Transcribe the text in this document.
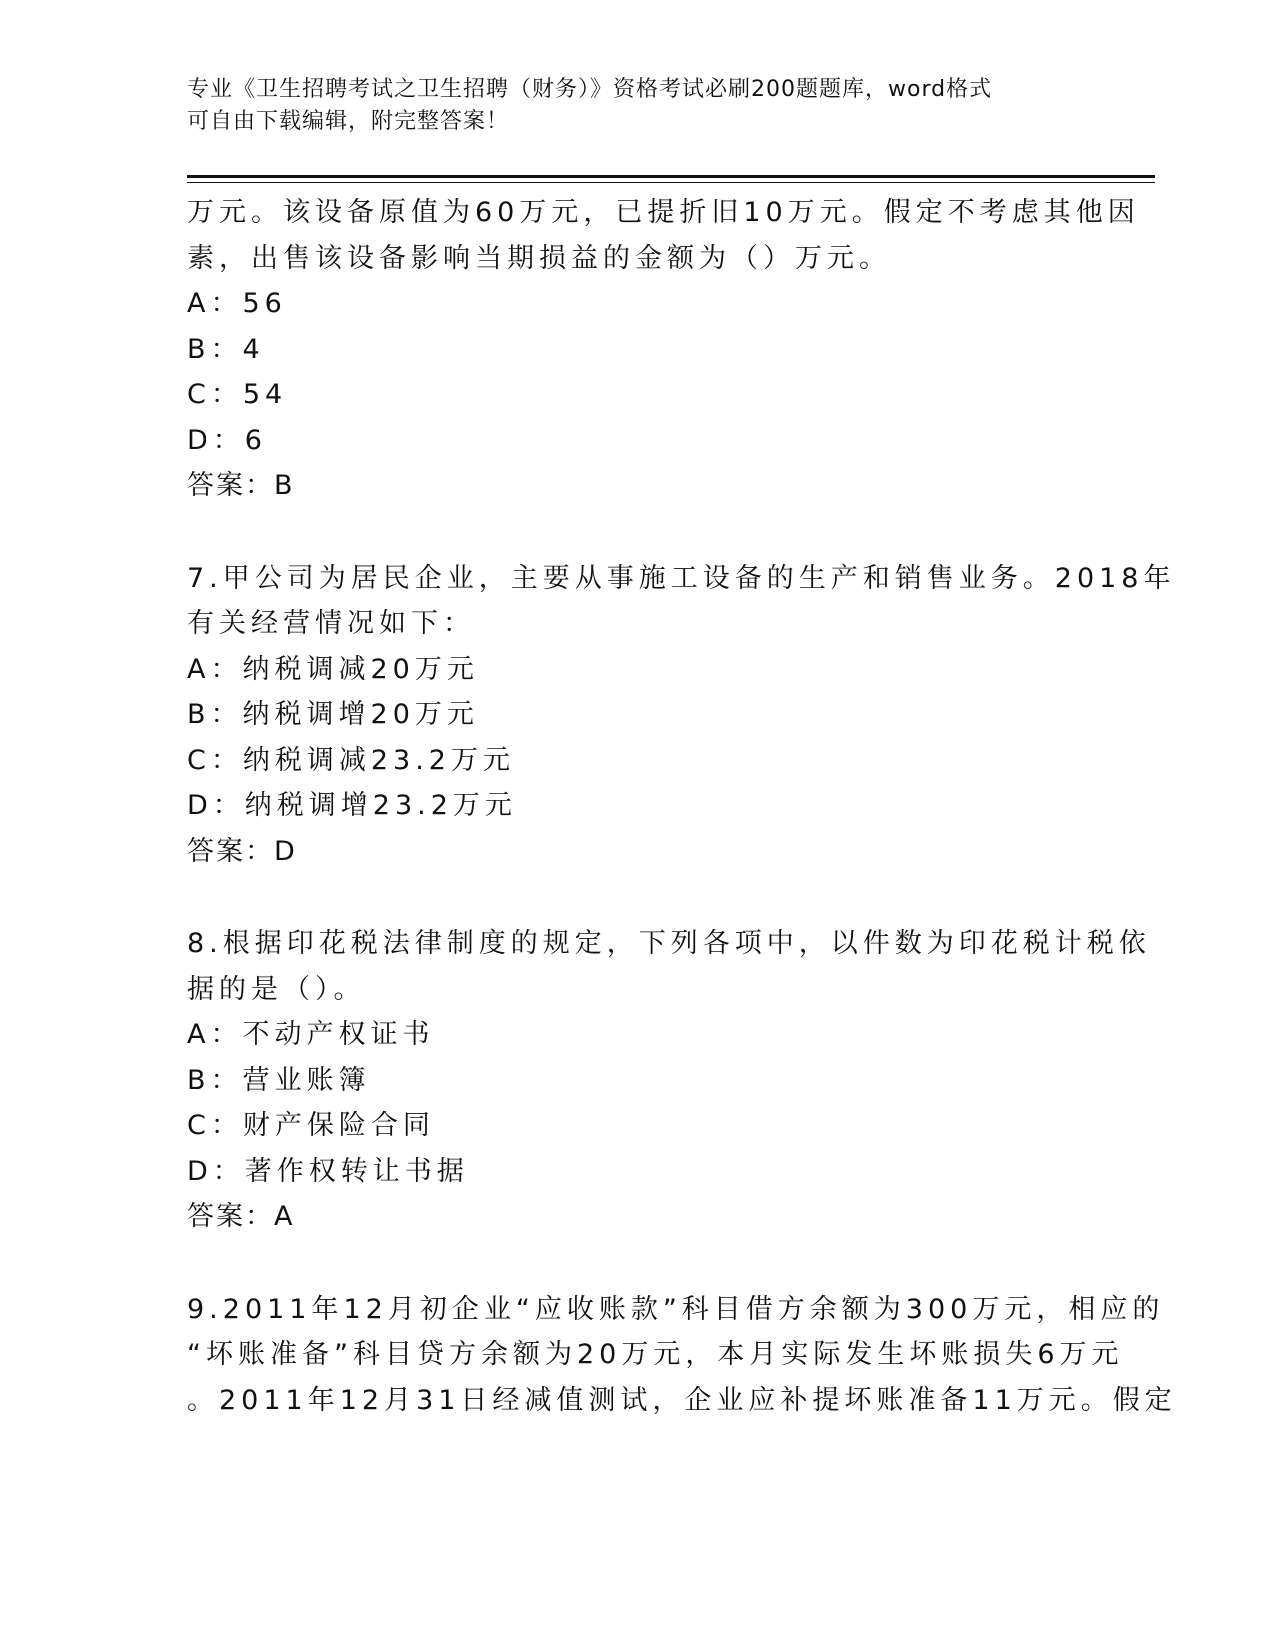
专业《卫生招聘考试之卫生招聘（财务）》资格考试必刷200题题库，word格式
可自由下载编辑，附完整答案！
万元。该设备原值为60万元，已提折旧10万元。假定不考虑其他因
素，出售该设备影响当期损益的金额为（）万元。
A：56
B：4
C：54
D：6
答案：B
7.甲公司为居民企业，主要从事施工设备的生产和销售业务。2018年
有关经营情况如下：
A：纳税调减20万元
B：纳税调增20万元
C：纳税调减23.2万元
D：纳税调增23.2万元
答案：D
8.根据印花税法律制度的规定，下列各项中，以件数为印花税计税依
据的是（）。
A：不动产权证书
B：营业账簿
C：财产保险合同
D：著作权转让书据
答案：A
9.2011年12月初企业“应收账款”科目借方余额为300万元，相应的
“坏账准备”科目贷方余额为20万元，本月实际发生坏账损失6万元
。2011年12月31日经减值测试，企业应补提坏账准备11万元。假定
